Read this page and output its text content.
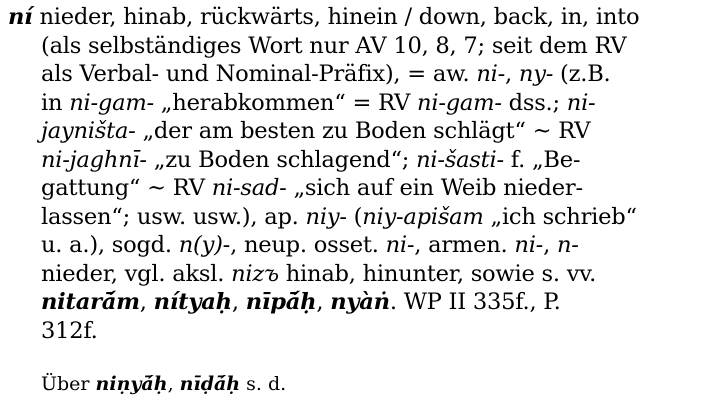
ní nieder, hinab, rückwärts, hinein / down, back, in, into
(als selbständiges Wort nur AV 10, 8, 7; seit dem RV
als Verbal- und Nominal-Präfix), = aw. ni-, ny- (z.B.
in ni-gam- „herabkommen“ = RV ni-gam- dss.; ni-
jayništa- „der am besten zu Boden schlägt“ ~ RV
ni-jaghnī- „zu Boden schlagend“; ni-šasti- f. „Be-
gattung“ ~ RV ni-sad- „sich auf ein Weib nieder-
lassen“; usw. usw.), ap. niy- (niy-apišam „ich schrieb“
u. a.), sogd. n(y)-, neup. osset. ni-, armen. ni-, n-
nieder, vgl. aksl. nizъ hinab, hinunter, sowie s. vv.
nitarā́m, nítyaḥ, nīpā́ḥ, nyàṅ. WP II 335f., P.
312f.
Über niṇyā́ḥ, nīḍā́ḥ s. d.
